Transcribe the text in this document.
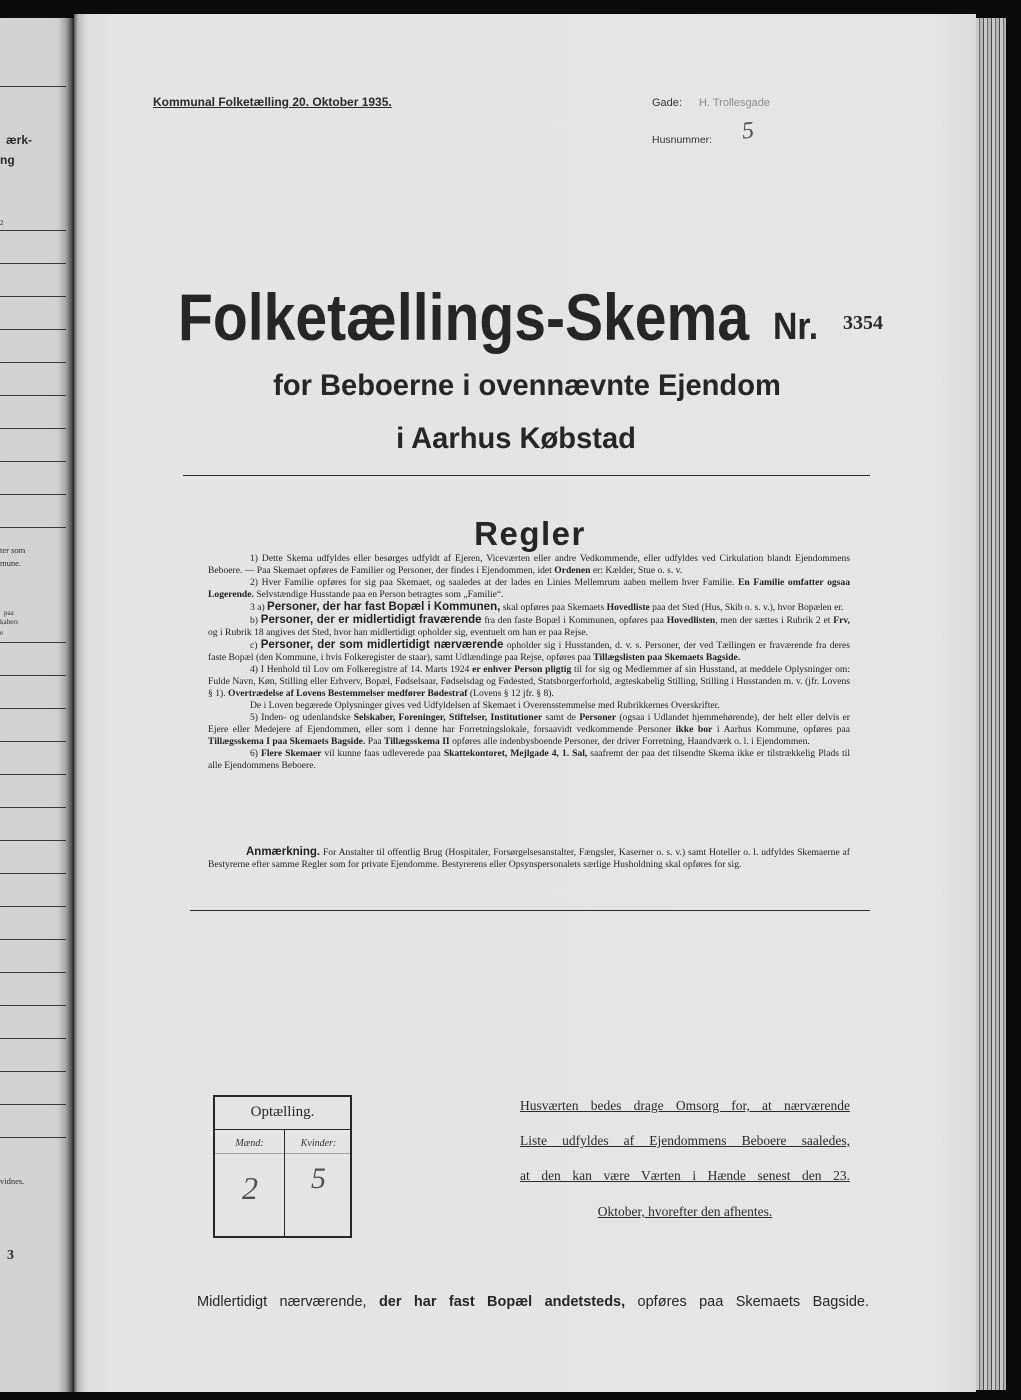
ærk-
ng
2
ter som
mune.
paa
kabers
e
vidnes.
3
Kommunal Folketælling 20. Oktober 1935.	Gade: H. Trollesgade
Husnummer: 5
Folketællings-Skema Nr. 3354
for Beboerne i ovennævnte Ejendom
i Aarhus Købstad
Regler

1) Dette Skema udfyldes eller besørges udfyldt af Ejeren, Viceværten eller andre Vedkommende, eller udfyldes ved Cirkulation blandt Ejendommens Beboere. — Paa Skemaet opføres de Familier og Personer, der findes i Ejendommen, idet Ordenen er: Kælder, Stue o. s. v.

2) Hver Familie opføres for sig paa Skemaet, og saaledes at der lades en Linies Mellemrum aaben mellem hver Familie. En Familie omfatter ogsaa Logerende. Selvstændige Husstande paa en Person betragtes som „Familie“.

3 a) Personer, der har fast Bopæl i Kommunen, skal opføres paa Skemaets Hovedliste paa det Sted (Hus, Skib o. s. v.), hvor Bopælen er.

b) Personer, der er midlertidigt fraværende fra den faste Bopæl i Kommunen, opføres paa Hovedlisten, men der sættes i Rubrik 2 et Frv, og i Rubrik 18 angives det Sted, hvor han midlertidigt opholder sig, eventuelt om han er paa Rejse.

c) Personer, der som midlertidigt nærværende opholder sig i Husstanden, d. v. s. Personer, der ved Tællingen er fraværende fra deres faste Bopæl (den Kommune, i hvis Folkeregister de staar), samt Udlændinge paa Rejse, opføres paa Tillægslisten paa Skemaets Bagside.

4) I Henhold til Lov om Folkeregistre af 14. Marts 1924 er enhver Person pligtig til for sig og Medlemmer af sin Husstand, at meddele Oplysninger om: Fulde Navn, Køn, Stilling eller Erhverv, Bopæl, Fødselsaar, Fødselsdag og Fødested, Statsborgerforhold, ægteskabelig Stilling, Stilling i Husstanden m. v. (jfr. Lovens § 1). Overtrædelse af Lovens Bestemmelser medfører Bødestraf (Lovens § 12 jfr. § 8).

De i Loven begærede Oplysninger gives ved Udfyldelsen af Skemaet i Overensstemmelse med Rubrikkernes Overskrifter.

5) Inden- og udenlandske Selskaber, Foreninger, Stiftelser, Institutioner samt de Personer (ogsaa i Udlandet hjemmehørende), der helt eller delvis er Ejere eller Medejere af Ejendommen, eller som i denne har Forretningslokale, forsaavidt vedkommende Personer ikke bor i Aarhus Kommune, opføres paa Tillægsskema I paa Skemaets Bagside. Paa Tillægsskema II opføres alle indenbysboende Personer, der driver Forretning, Haandværk o. l. i Ejendommen.

6) Flere Skemaer vil kunne faas udleverede paa Skattekontoret, Mejlgade 4, 1. Sal, saafremt der paa det tilsendte Skema ikke er tilstrækkelig Plads til alle Ejendommens Beboere.

Anmærkning. For Anstalter til offentlig Brug (Hospitaler, Forsørgelsesanstalter, Fængsler, Kaserner o. s. v.) samt Hoteller o. l. udfyldes Skemaerne af Bestyrerne efter samme Regler som for private Ejendomme. Bestyrerens eller Opsynspersonalets særlige Husholdning skal opføres for sig.
Optælling.
Mænd:	Kvinder:
2 5
Husværten bedes drage Omsorg for, at nærværende
Liste udfyldes af Ejendommens Beboere saaledes,
at den kan være Værten i Hænde senest den 23.
Oktober, hvorefter den afhentes.
Midlertidigt nærværende, der har fast Bopæl andetsteds, opføres paa Skemaets Bagside.
